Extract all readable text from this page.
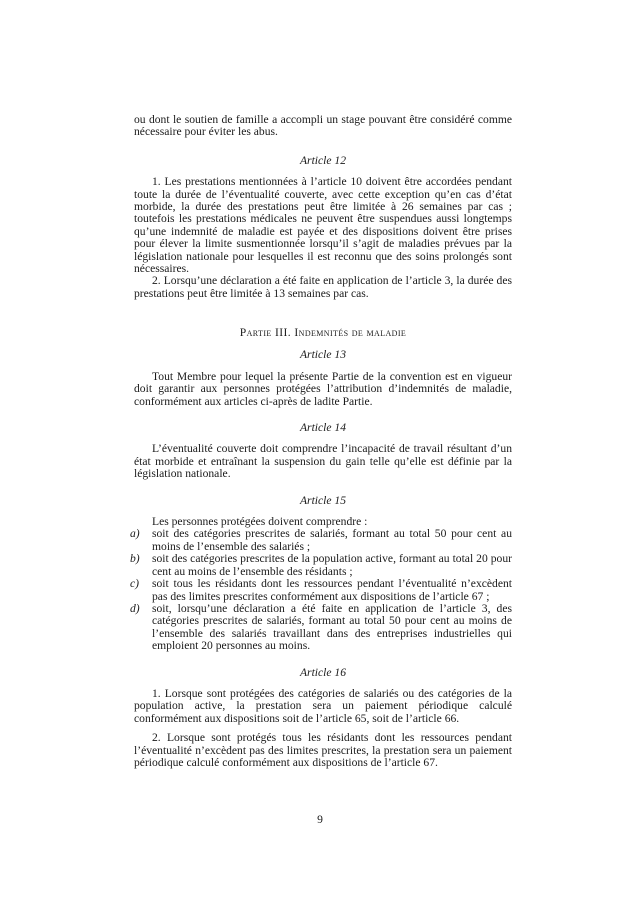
ou dont le soutien de famille a accompli un stage pouvant être considéré comme nécessaire pour éviter les abus.

Article 12

1. Les prestations mentionnées à l’article 10 doivent être accordées pendant toute la durée de l’éventualité couverte, avec cette exception qu’en cas d’état morbide, la durée des prestations peut être limitée à 26 semaines par cas ; toutefois les prestations médicales ne peuvent être suspendues aussi longtemps qu’une indemnité de maladie est payée et des dispositions doivent être prises pour élever la limite susmentionnée lorsqu’il s’agit de maladies prévues par la législation nationale pour lesquelles il est reconnu que des soins prolongés sont nécessaires.

2. Lorsqu’une déclaration a été faite en application de l’article 3, la durée des prestations peut être limitée à 13 semaines par cas.

Partie III. Indemnités de maladie
Article 13

Tout Membre pour lequel la présente Partie de la convention est en vigueur doit garantir aux personnes protégées l’attribution d’indemnités de maladie, conformément aux articles ci-après de ladite Partie.

Article 14

L’éventualité couverte doit comprendre l’incapacité de travail résultant d’un état morbide et entraînant la suspension du gain telle qu’elle est définie par la législation nationale.

Article 15

Les personnes protégées doivent comprendre :

a) soit des catégories prescrites de salariés, formant au total 50 pour cent au moins de l’ensemble des salariés ;

b) soit des catégories prescrites de la population active, formant au total 20 pour cent au moins de l’ensemble des résidants ;

c) soit tous les résidants dont les ressources pendant l’éventualité n’excèdent pas des limites prescrites conformément aux dispositions de l’article 67 ;

d) soit, lorsqu’une déclaration a été faite en application de l’article 3, des catégories prescrites de salariés, formant au total 50 pour cent au moins de l’ensemble des salariés travaillant dans des entreprises industrielles qui emploient 20 personnes au moins.

Article 16

1. Lorsque sont protégées des catégories de salariés ou des catégories de la population active, la prestation sera un paiement périodique calculé conformément aux dispositions soit de l’article 65, soit de l’article 66.

2. Lorsque sont protégés tous les résidants dont les ressources pendant l’éventualité n’excèdent pas des limites prescrites, la prestation sera un paiement périodique calculé conformément aux dispositions de l’article 67.

9
